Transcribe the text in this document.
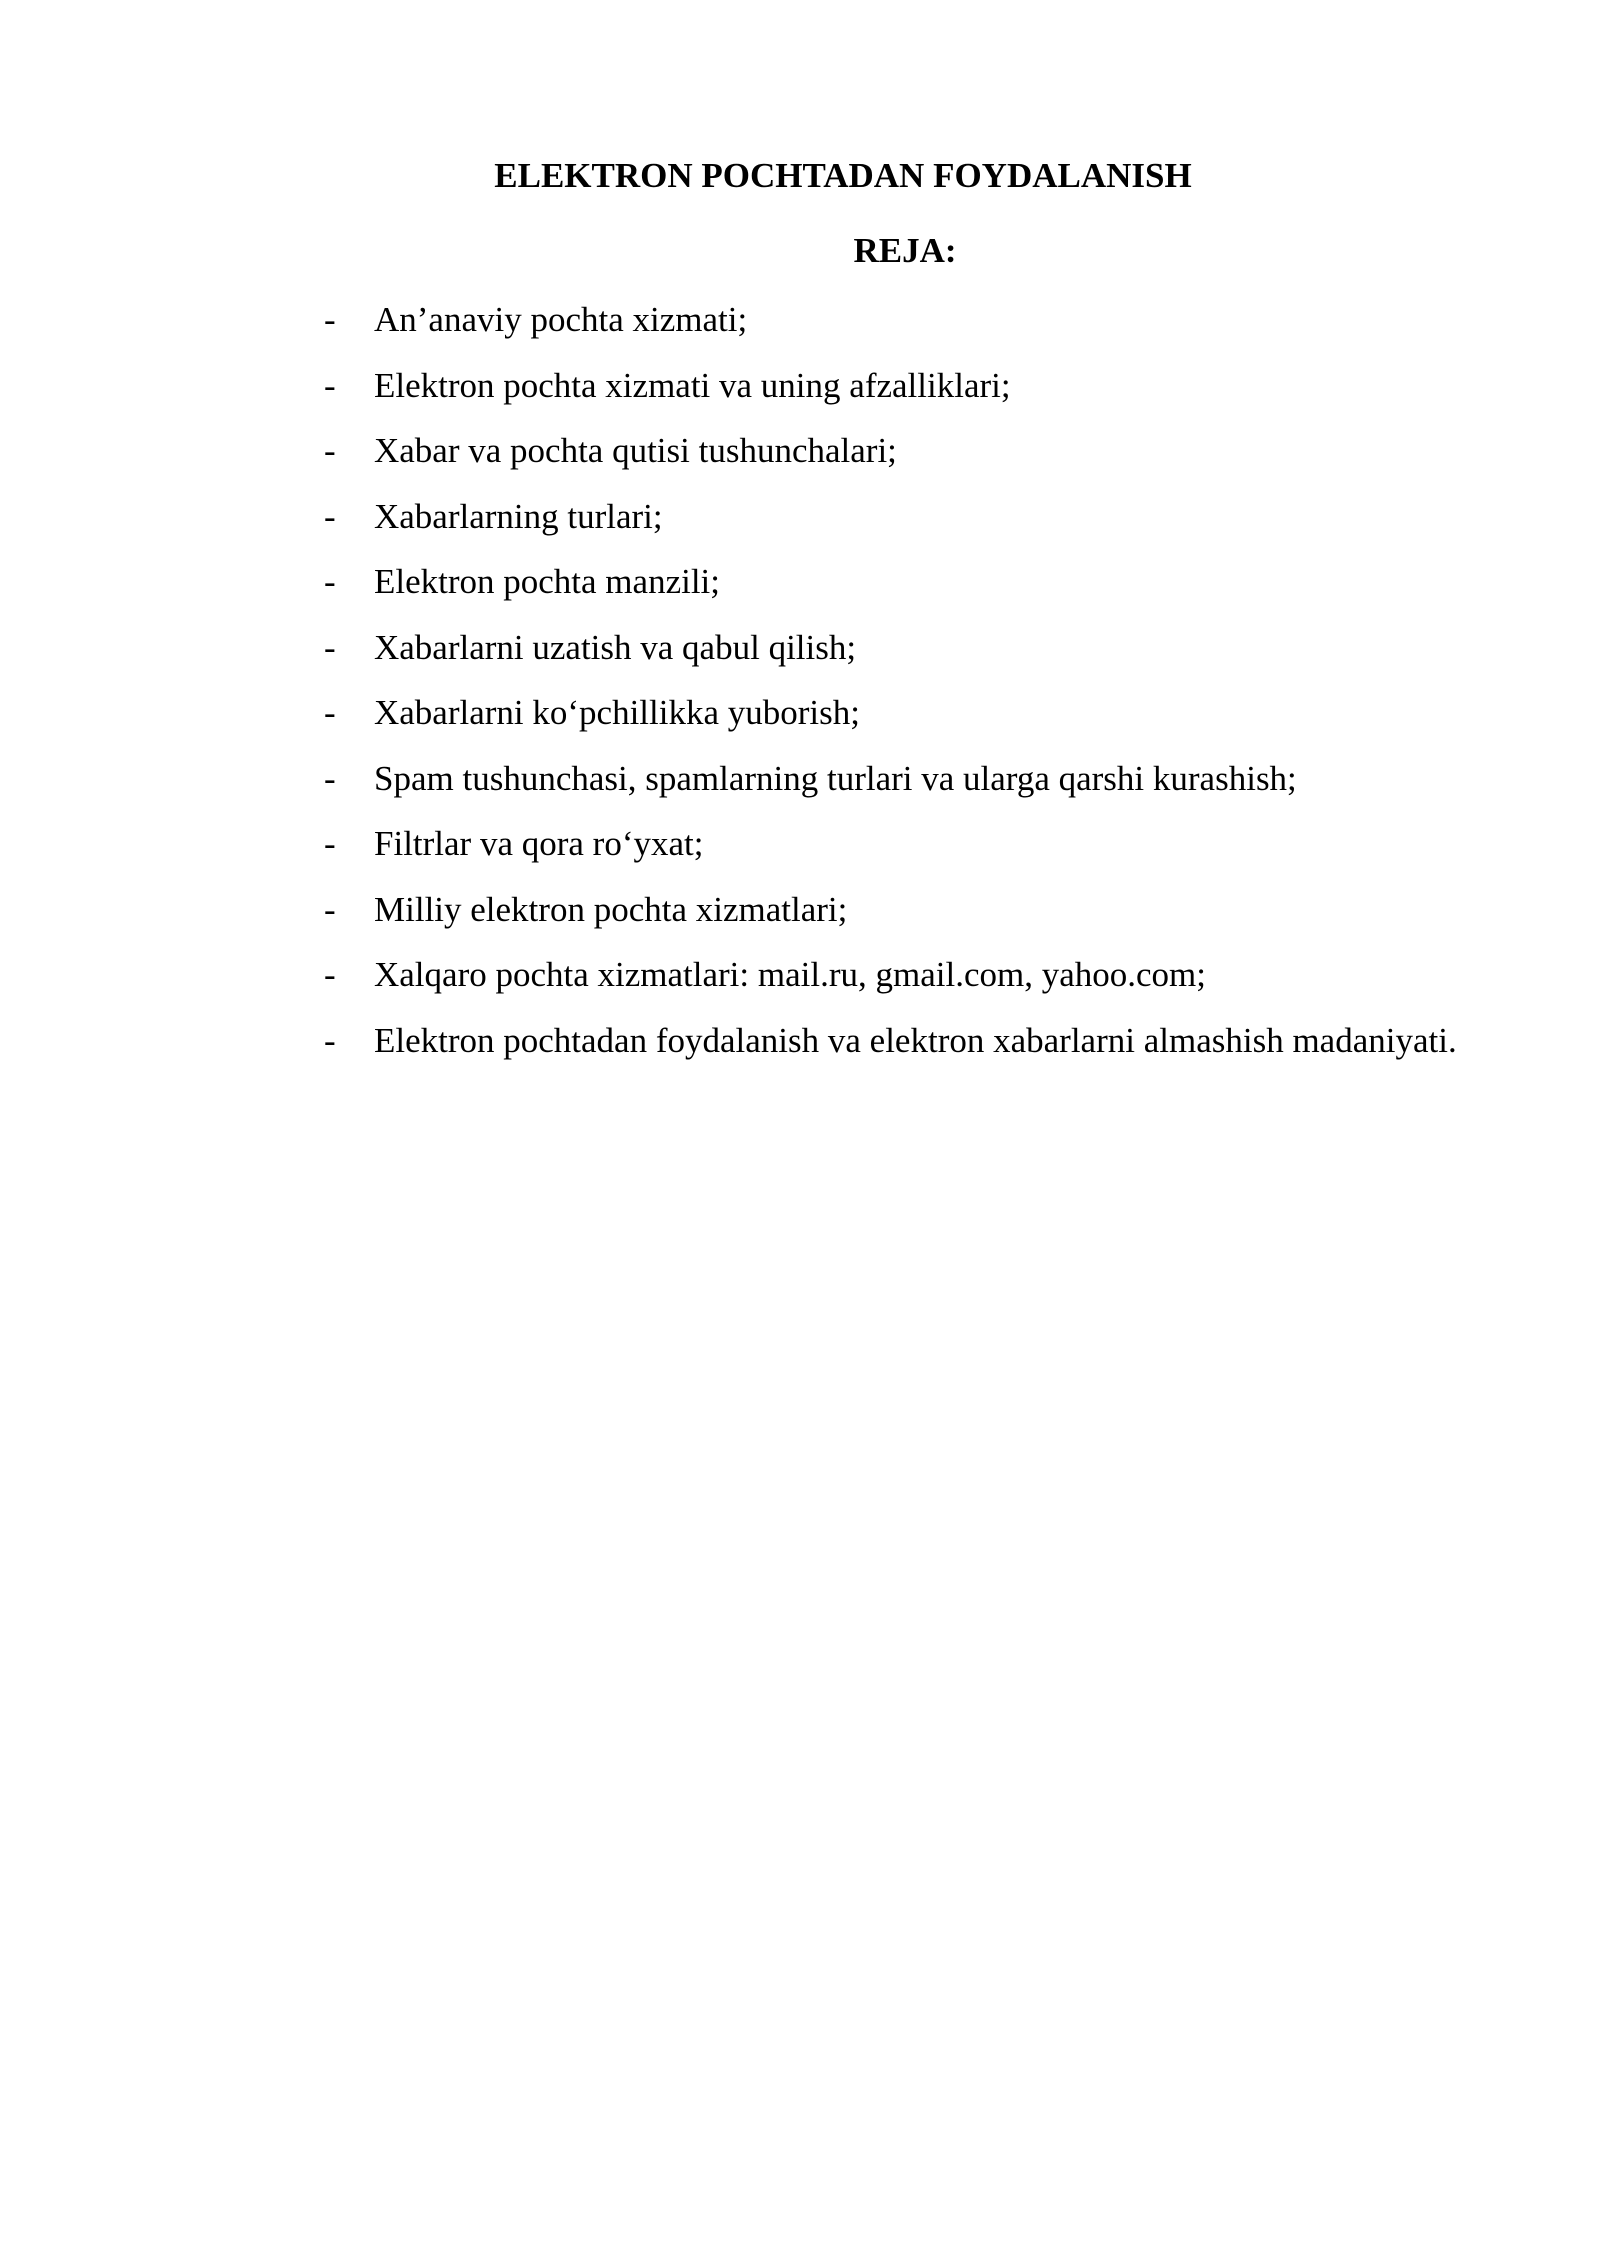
ELEKTRON POCHTADAN FOYDALANISH
REJA:
-	An’anaviy pochta xizmati;
-	Elektron pochta xizmati va uning afzalliklari;
-	Xabar va pochta qutisi tushunchalari;
-	Xabarlarning turlari;
-	Elektron pochta manzili;
-	Xabarlarni uzatish va qabul qilish;
-	Xabarlarni ko‘pchillikka yuborish;
-	Spam tushunchasi, spamlarning turlari va ularga qarshi kurashish;
-	Filtrlar va qora ro‘yxat;
-	Milliy elektron pochta xizmatlari;
-	Xalqaro pochta xizmatlari: mail.ru, gmail.com, yahoo.com;
-	Elektron pochtadan foydalanish va elektron xabarlarni almashish madaniyati.
